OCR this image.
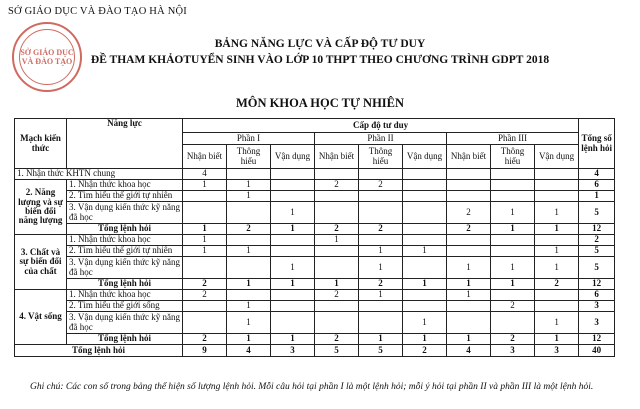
SỞ GIÁO DỤC VÀ ĐÀO TẠO HÀ NỘI
SỞ GIÁO DỤC
VÀ ĐÀO TẠO
BẢNG NĂNG LỰC VÀ CẤP ĐỘ TƯ DUY
ĐỀ THAM KHẢOTUYỂN SINH VÀO LỚP 10 THPT THEO CHƯƠNG TRÌNH GDPT 2018
MÔN KHOA HỌC TỰ NHIÊN
Mạch kiến thức	Năng lực	Cấp độ tư duy									Tổng số lệnh hỏi
		Phần I			Phần II			Phần III			
		Nhận biết	Thông hiểu	Vận dụng	Nhận biết	Thông hiểu	Vận dụng	Nhận biết	Thông hiểu	Vận dụng	
1. Nhận thức KHTN chung		4									4
2. Năng lượng và sự biến đổi năng lượng	1. Nhận thức khoa học	1	1		2	2					6
	2. Tìm hiểu thế giới tự nhiên		1								1
	3. Vận dụng kiến thức kỹ năng đã học			1				2	1	1	5
	Tổng lệnh hỏi	1	2	1	2	2		2	1	1	12
3. Chất và sự biến đổi của chất	1. Nhận thức khoa học	1			1						2
	2. Tìm hiểu thế giới tự nhiên	1	1			1	1			1	5
	3. Vận dụng kiến thức kỹ năng đã học			1		1		1	1	1	5
	Tổng lệnh hỏi	2	1	1	1	2	1	1	1	2	12
4. Vật sống	1. Nhận thức khoa học	2			2	1		1			6
	2. Tìm hiểu thế giới sống		1						2		3
	3. Vận dụng kiến thức kỹ năng đã học		1				1			1	3
	Tổng lệnh hỏi	2	1	1	2	1	1	1	2	1	12
Tổng lệnh hỏi		9	4	3	5	5	2	4	3	3	40
Ghi chú: Các con số trong bảng thể hiện số lượng lệnh hỏi. Mỗi câu hỏi tại phần I là một lệnh hỏi; mỗi ý hỏi tại phần II và phần III là một lệnh hỏi.
